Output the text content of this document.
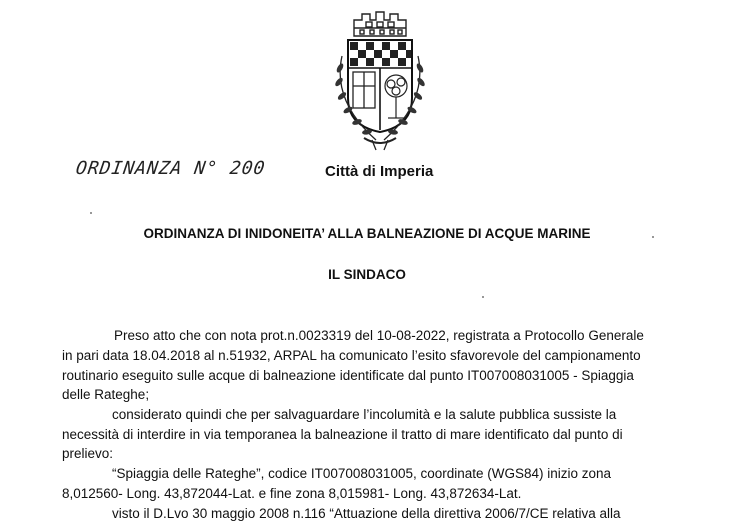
ORDINANZA N° 200	Città di Imperia
ORDINANZA DI INIDONEITA’ ALLA BALNEAZIONE DI ACQUE MARINE
IL SINDACO
Preso atto che con nota prot.n.0023319 del 10-08-2022, registrata a Protocollo Generale
in pari data 18.04.2018 al n.51932, ARPAL ha comunicato l’esito sfavorevole del campionamento
routinario eseguito sulle acque di balneazione identificate dal punto IT007008031005 - Spiaggia
delle Rateghe;
considerato quindi che per salvaguardare l’incolumità e la salute pubblica sussiste la
necessità di interdire in via temporanea la balneazione il tratto di mare identificato dal punto di
prelievo:
“Spiaggia delle Rateghe”, codice IT007008031005, coordinate (WGS84) inizio zona
8,012560- Long. 43,872044-Lat. e fine zona 8,015981- Long. 43,872634-Lat.
visto il D.Lvo 30 maggio 2008 n.116 “Attuazione della direttiva 2006/7/CE relativa alla
